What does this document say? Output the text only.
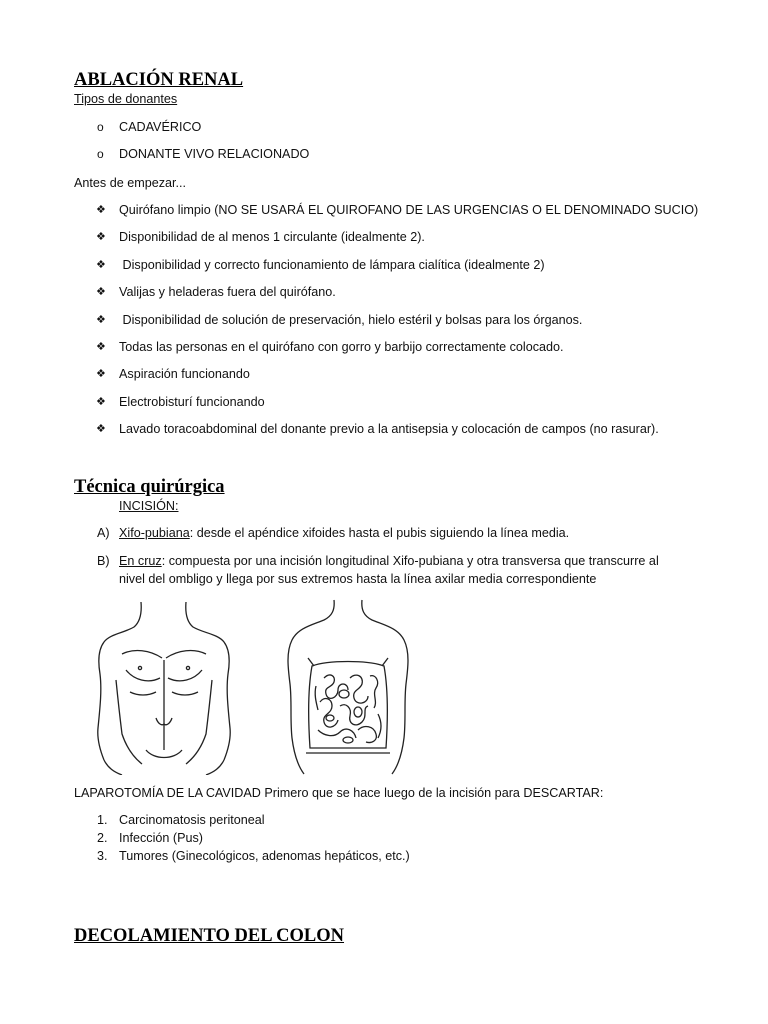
ABLACIÓN RENAL
Tipos de donantes
o CADAVÉRICO
o DONANTE VIVO RELACIONADO
Antes de empezar...
❖ Quirófano limpio (NO SE USARÁ EL QUIROFANO DE LAS URGENCIAS O EL DENOMINADO SUCIO)
❖ Disponibilidad de al menos 1 circulante (idealmente 2).
❖ Disponibilidad y correcto funcionamiento de lámpara cialítica (idealmente 2)
❖ Valijas y heladeras fuera del quirófano.
❖ Disponibilidad de solución de preservación, hielo estéril y bolsas para los órganos.
❖ Todas las personas en el quirófano con gorro y barbijo correctamente colocado.
❖ Aspiración funcionando
❖ Electrobisturí funcionando
❖ Lavado toracoabdominal del donante previo a la antisepsia y colocación de campos (no rasurar).
Técnica quirúrgica
INCISIÓN:
A) Xifo-pubiana: desde el apéndice xifoides hasta el pubis siguiendo la línea media.
B) En cruz: compuesta por una incisión longitudinal Xifo-pubiana y otra transversa que transcurre al
nivel del ombligo y llega por sus extremos hasta la línea axilar media correspondiente
LAPAROTOMÍA DE LA CAVIDAD Primero que se hace luego de la incisión para DESCARTAR:
1. Carcinomatosis peritoneal
2. Infección (Pus)
3. Tumores (Ginecológicos, adenomas hepáticos, etc.)
DECOLAMIENTO DEL COLON
